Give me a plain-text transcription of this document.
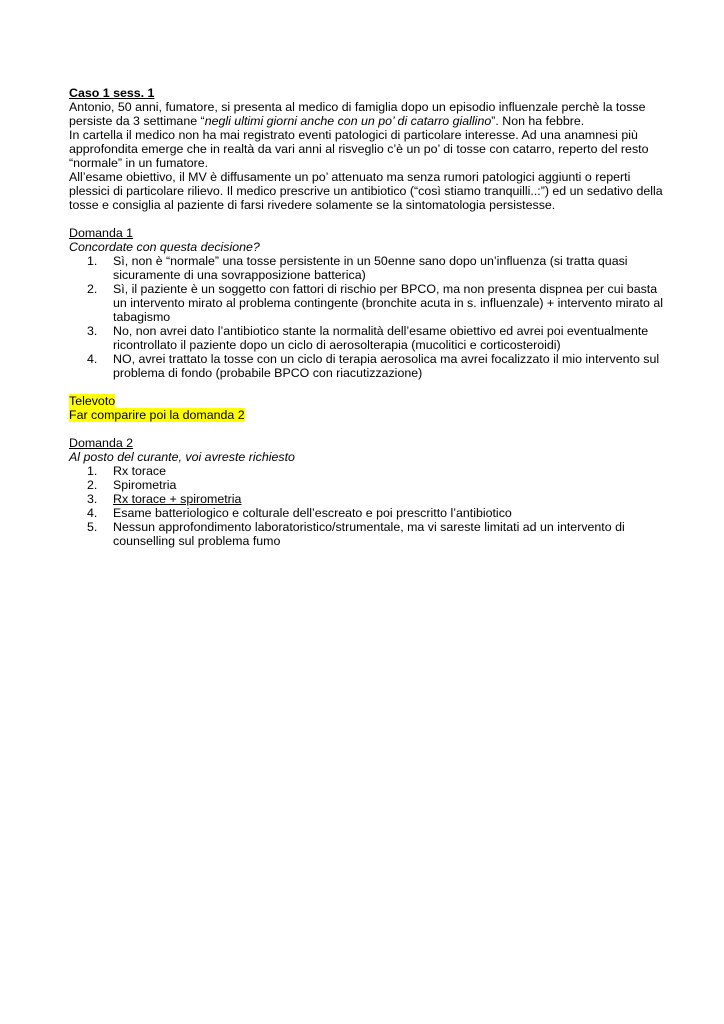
Caso 1 sess. 1

Antonio, 50 anni, fumatore, si presenta al medico di famiglia dopo un episodio influenzale perchè la tosse persiste da 3 settimane “negli ultimi giorni anche con un po’ di catarro giallino”. Non ha febbre.

In cartella il medico non ha mai registrato eventi patologici di particolare interesse. Ad una anamnesi più approfondita emerge che in realtà da vari anni al risveglio c’è un po’ di tosse con catarro, reperto del resto “normale” in un fumatore.

All’esame obiettivo, il MV è diffusamente un po’ attenuato ma senza rumori patologici aggiunti o reperti plessici di particolare rilievo. Il medico prescrive un antibiotico (“così stiamo tranquilli..:”) ed un sedativo della tosse e consiglia al paziente di farsi rivedere solamente se la sintomatologia persistesse.

Domanda 1

Concordate con questa decisione?

1.	Sì, non è “normale” una tosse persistente in un 50enne sano dopo un’influenza (si tratta quasi sicuramente di una sovrapposizione batterica)
2.	Sì, il paziente è un soggetto con fattori di rischio per BPCO, ma non presenta dispnea per cui basta un intervento mirato al problema contingente (bronchite acuta in s. influenzale) + intervento mirato al tabagismo
3.	No, non avrei dato l’antibiotico stante la normalità dell’esame obiettivo ed avrei poi eventualmente ricontrollato il paziente dopo un ciclo di aerosolterapia (mucolitici e corticosteroidi)
4.	NO, avrei trattato la tosse con un ciclo di terapia aerosolica ma avrei focalizzato il mio intervento sul problema di fondo (probabile BPCO con riacutizzazione)

Televoto

Far comparire poi la domanda 2

Domanda 2

Al posto del curante, voi avreste richiesto

1.	Rx torace
2.	Spirometria
3.	Rx torace + spirometria
4.	Esame batteriologico e colturale dell’escreato e poi prescritto l’antibiotico
5.	Nessun approfondimento laboratoristico/strumentale, ma vi sareste limitati ad un intervento di counselling sul problema fumo
